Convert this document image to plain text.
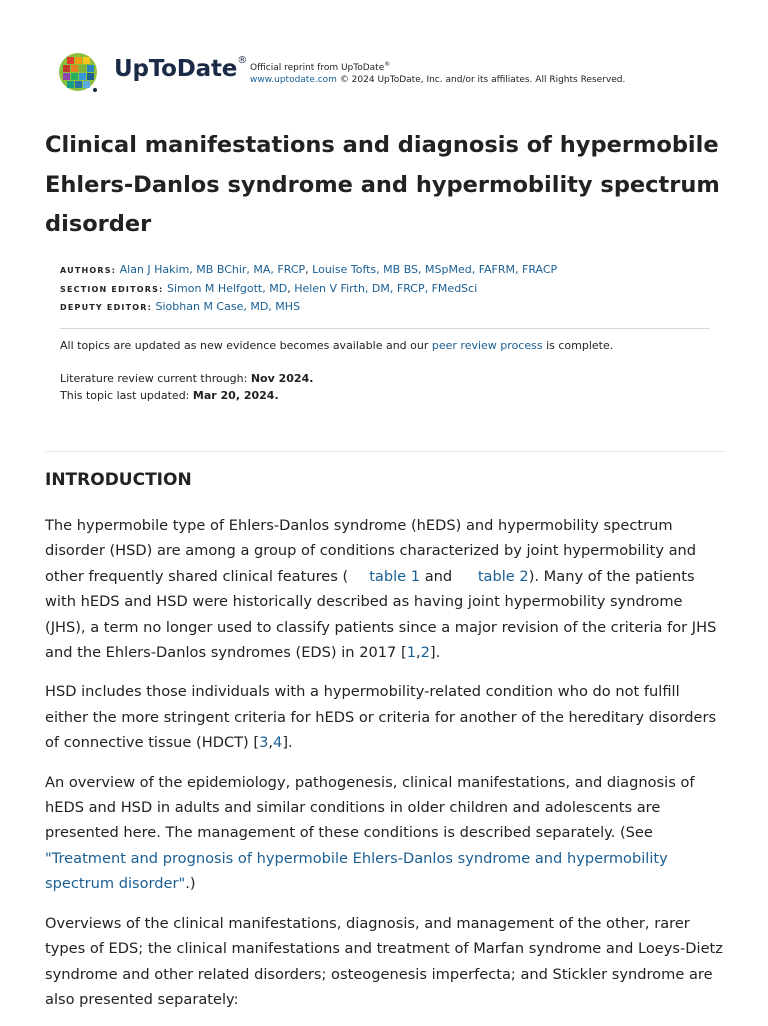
UpToDate®
Official reprint from UpToDate®
www.uptodate.com © 2024 UpToDate, Inc. and/or its affiliates. All Rights Reserved.
Clinical manifestations and diagnosis of hypermobile Ehlers-Danlos syndrome and hypermobility spectrum disorder
AUTHORS: Alan J Hakim, MB BChir, MA, FRCP, Louise Tofts, MB BS, MSpMed, FAFRM, FRACP
SECTION EDITORS: Simon M Helfgott, MD, Helen V Firth, DM, FRCP, FMedSci
DEPUTY EDITOR: Siobhan M Case, MD, MHS

All topics are updated as new evidence becomes available and our peer review process is complete.

Literature review current through: Nov 2024.

This topic last updated: Mar 20, 2024.

INTRODUCTION

The hypermobile type of Ehlers-Danlos syndrome (hEDS) and hypermobility spectrum disorder (HSD) are among a group of conditions characterized by joint hypermobility and other frequently shared clinical features ( table 1 and table 2). Many of the patients with hEDS and HSD were historically described as having joint hypermobility syndrome (JHS), a term no longer used to classify patients since a major revision of the criteria for JHS and the Ehlers-Danlos syndromes (EDS) in 2017 [1,2].

HSD includes those individuals with a hypermobility-related condition who do not fulfill either the more stringent criteria for hEDS or criteria for another of the hereditary disorders of connective tissue (HDCT) [3,4].

An overview of the epidemiology, pathogenesis, clinical manifestations, and diagnosis of hEDS and HSD in adults and similar conditions in older children and adolescents are presented here. The management of these conditions is described separately. (See "Treatment and prognosis of hypermobile Ehlers-Danlos syndrome and hypermobility spectrum disorder".)

Overviews of the clinical manifestations, diagnosis, and management of the other, rarer types of EDS; the clinical manifestations and treatment of Marfan syndrome and Loeys-Dietz syndrome and other related disorders; osteogenesis imperfecta; and Stickler syndrome are also presented separately:
